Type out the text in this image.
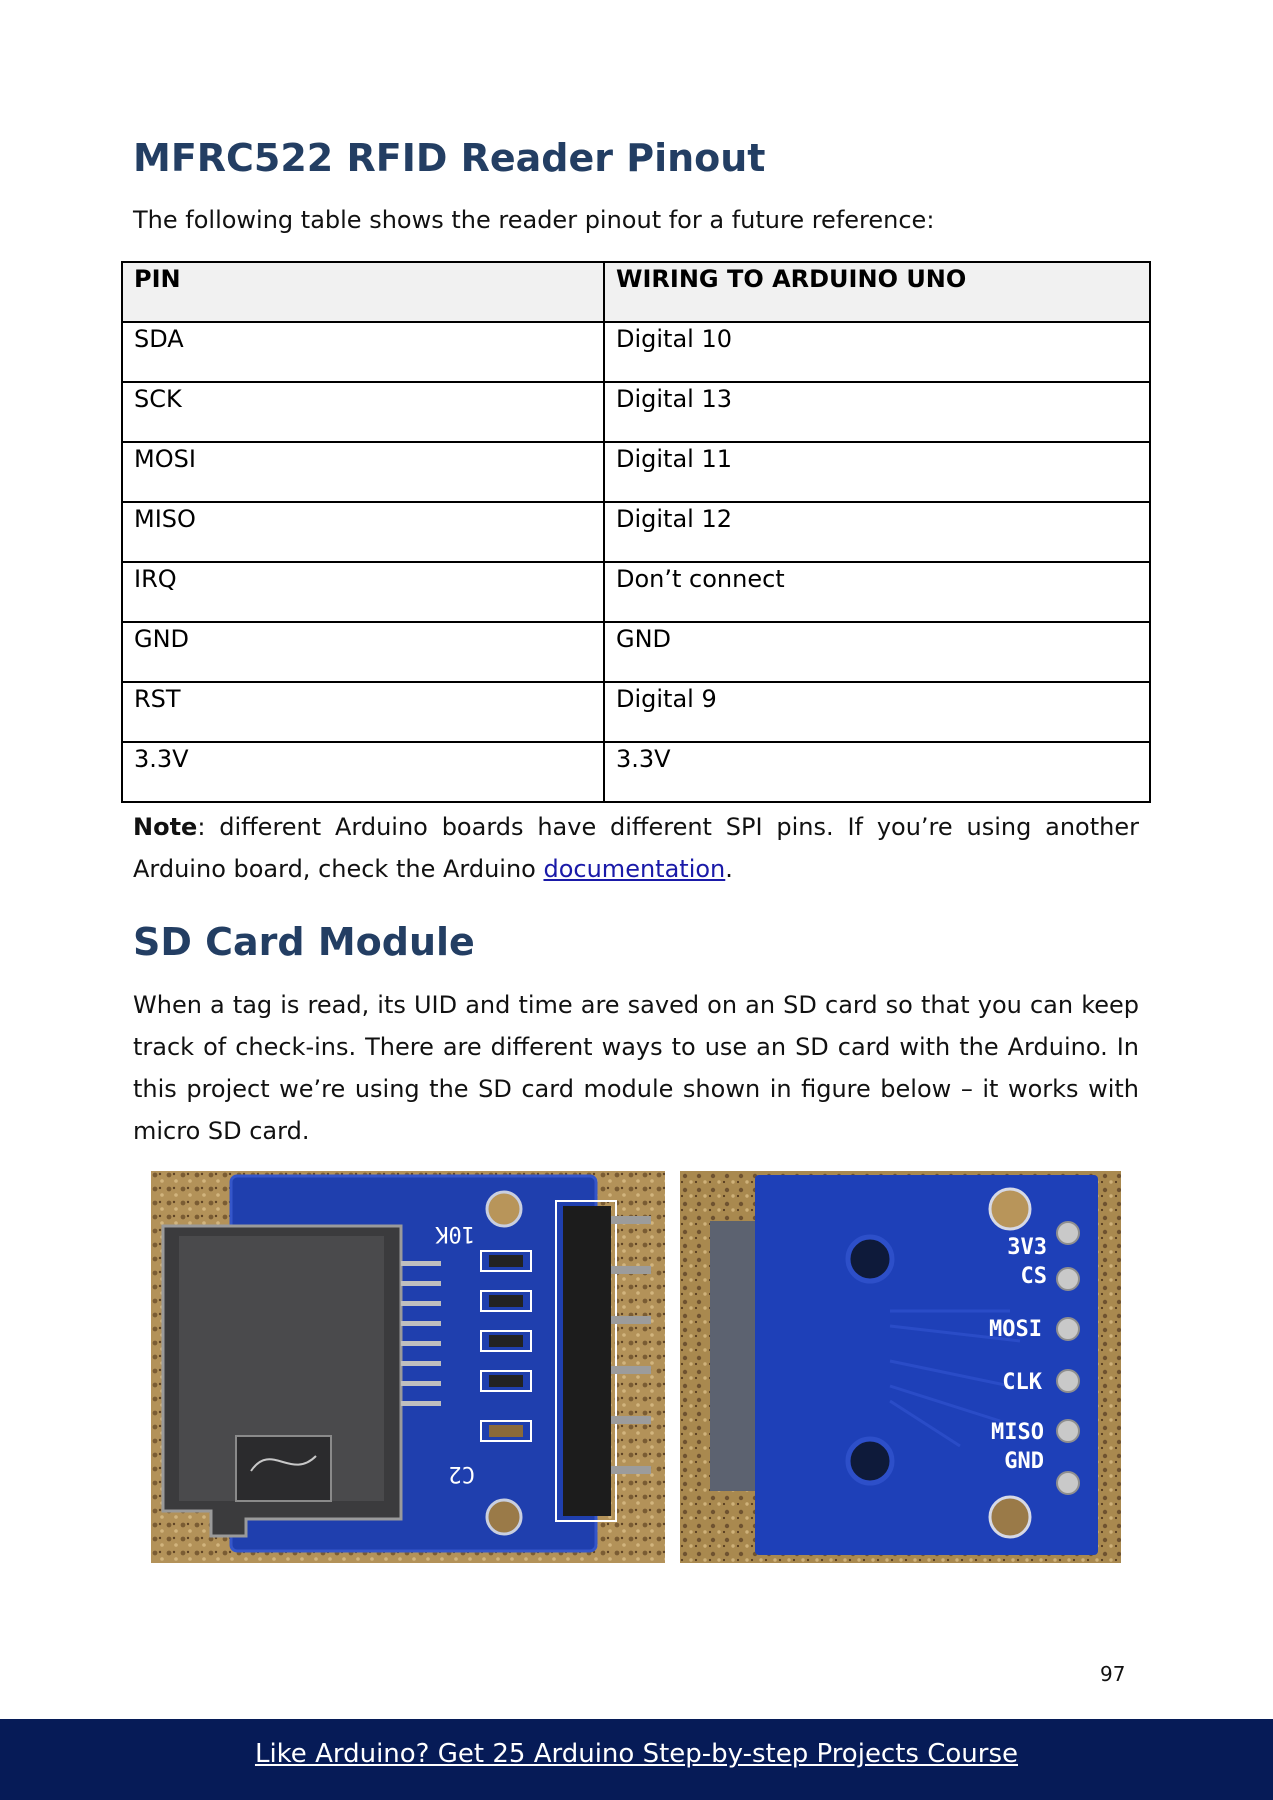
MFRC522 RFID Reader Pinout

The following table shows the reader pinout for a future reference:

PIN	WIRING TO ARDUINO UNO
SDA	Digital 10
SCK	Digital 13
MOSI	Digital 11
MISO	Digital 12
IRQ	Don’t connect
GND	GND
RST	Digital 9
3.3V	3.3V

Note: different Arduino boards have different SPI pins. If you’re using another Arduino board, check the Arduino documentation.

SD Card Module

When a tag is read, its UID and time are saved on an SD card so that you can keep track of check-ins. There are different ways to use an SD card with the Arduino. In this project we’re using the SD card module shown in figure below – it works with micro SD card.

10K
C2
3V3
CS
MOSI
CLK
MISO
GND
97
Like Arduino? Get 25 Arduino Step-by-step Projects Course
